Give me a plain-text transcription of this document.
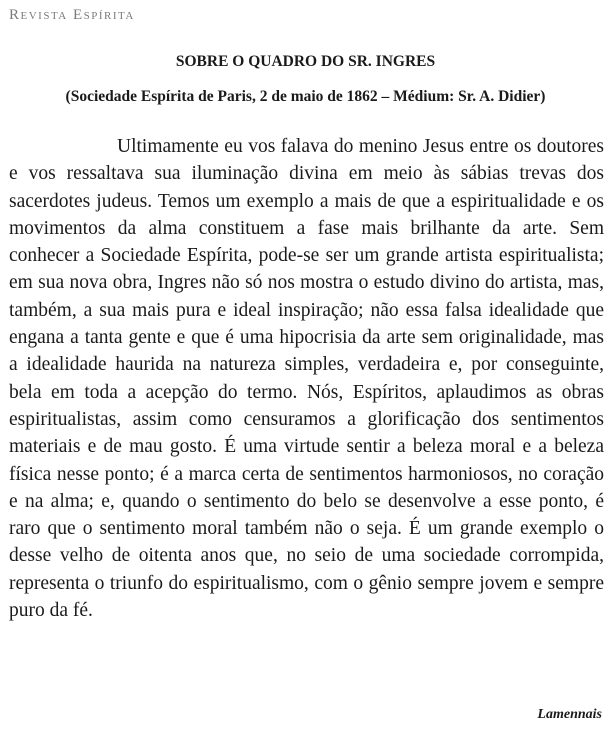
Revista Espírita
SOBRE O QUADRO DO SR. INGRES
(Sociedade Espírita de Paris, 2 de maio de 1862 – Médium: Sr. A. Didier)

Ultimamente eu vos falava do menino Jesus entre os doutores e vos ressaltava sua iluminação divina em meio às sábias trevas dos sacerdotes judeus. Temos um exemplo a mais de que a espiritualidade e os movimentos da alma constituem a fase mais brilhante da arte. Sem conhecer a Sociedade Espírita, pode-se ser um grande artista espiritualista; em sua nova obra, Ingres não só nos mostra o estudo divino do artista, mas, também, a sua mais pura e ideal inspiração; não essa falsa idealidade que engana a tanta gente e que é uma hipocrisia da arte sem originalidade, mas a idealidade haurida na natureza simples, verdadeira e, por conseguinte, bela em toda a acepção do termo. Nós, Espíritos, aplaudimos as obras espiritualistas, assim como censuramos a glorificação dos sentimentos materiais e de mau gosto. É uma virtude sentir a beleza moral e a beleza física nesse ponto; é a marca certa de sentimentos harmoniosos, no coração e na alma; e, quando o sentimento do belo se desenvolve a esse ponto, é raro que o sentimento moral também não o seja. É um grande exemplo o desse velho de oitenta anos que, no seio de uma sociedade corrompida, representa o triunfo do espiritualismo, com o gênio sempre jovem e sempre puro da fé.

Lamennais
